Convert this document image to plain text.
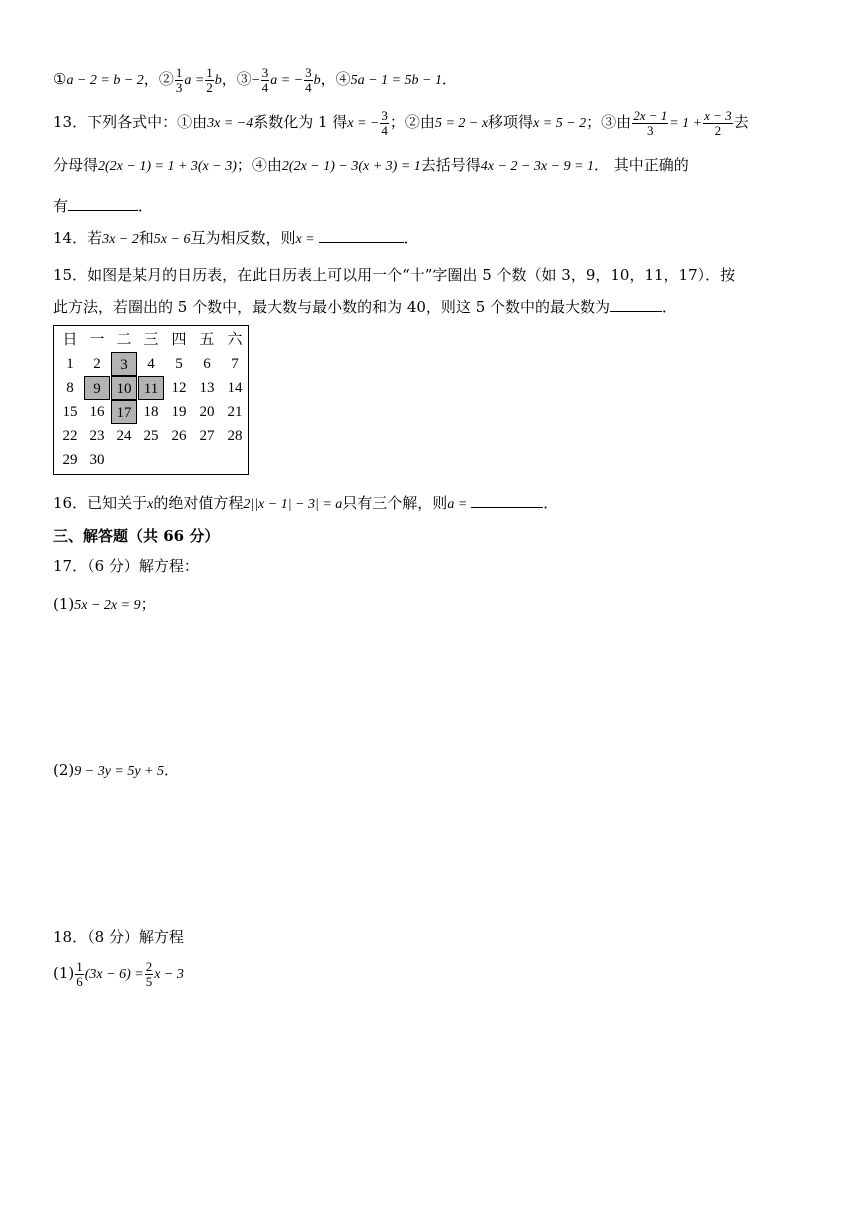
①a − 2 = b − 2，② $\frac{1}{3}$ $a = \frac{1}{2}$ b，③− $\frac{3}{4}$ a = − $\frac{3}{4}$ b，④5a − 1 = 5b − 1．
13．下列各式中：①由3x = −4系数化为 1 得x = − $\frac{3}{4}$ ；②由5 = 2 − x移项得x = 5 − 2；③由 $\frac{2x - 1}{3} = 1 + \frac{x - 3}{2}$ 去
分母得2(2x − 1) = 1 + 3(x − 3)；④由2(2x − 1) − 3(x + 3) = 1去括号得4x − 2 − 3x − 9 = 1． 其中正确的
有	．
14．若3x − 2和5x − 6互为相反数，则x =	．
15．如图是某月的日历表，在此日历表上可以用一个“十”字圈出 5 个数（如 3，9，10，11，17）．按
此方法，若圈出的 5 个数中，最大数与最小数的和为 40，则这 5 个数中的最大数为	．
日 一 二 三 四 五 六
1	2	3	4	5	6	7
8	9	10 11 12 13 14
15 16 17 18 19 20 21
22 23 24 25 26 27 28
29 30
16．已知关于x的绝对值方程2||x − 1| − 3| = a只有三个解，则a =	．
三、解答题（共 66 分）
17．（6 分）解方程：
(1)5x − 2x = 9；
(2)9 − 3y = 5y + 5．
18．（8 分）解方程
$(1) \frac{1}{6} (3x - 6) = \frac{2}{5}$ x − 3
